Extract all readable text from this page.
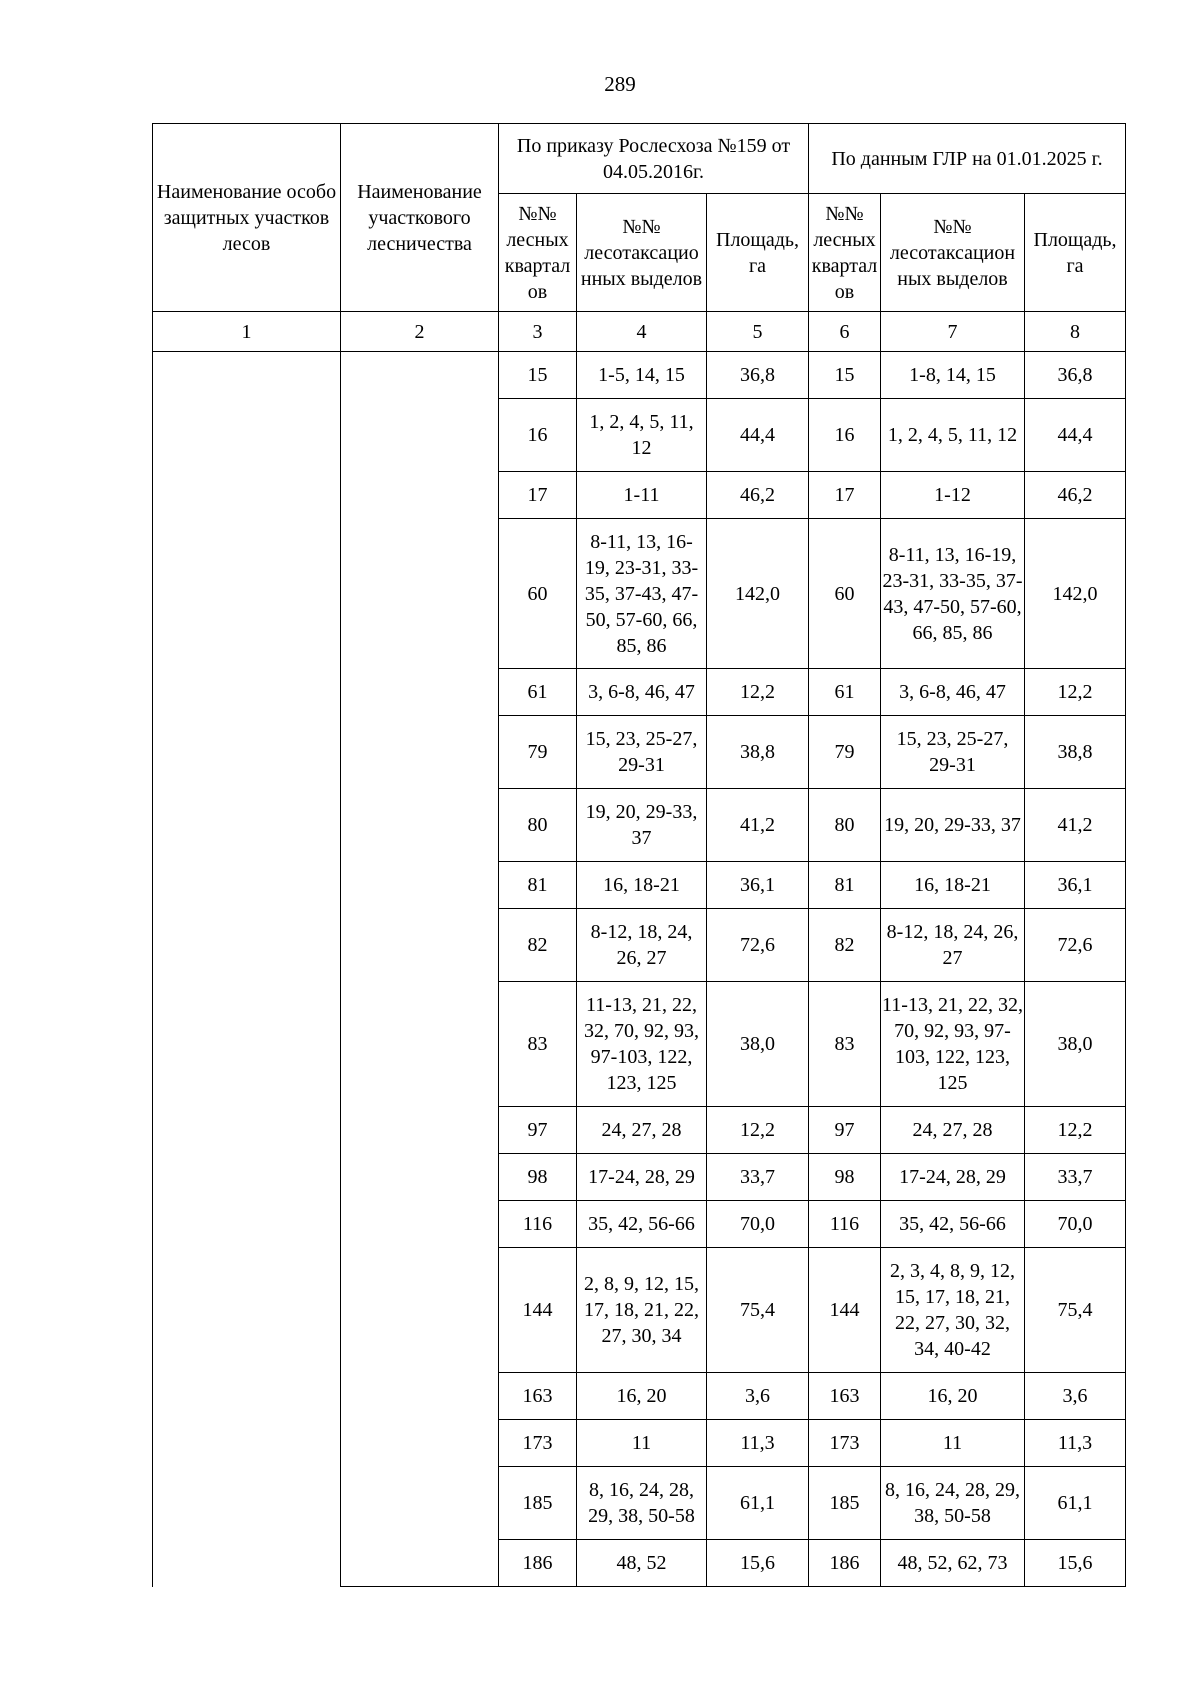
289
Наименование особо защитных участков лесов	Наименование участкового лесничества	По приказу Рослесхоза №159 от 04.05.2016г.			По данным ГЛР на 01.01.2025 г.		
		№№ лесных квартал ов	№№ лесотаксацио нных выделов	Площадь, га	№№ лесных квартал ов	№№ лесотаксацион ных выделов	Площадь, га
1	2	3	4	5	6	7	8
		15	1-5, 14, 15	36,8	15	1-8, 14, 15	36,8
		16	1, 2, 4, 5, 11, 12	44,4	16	1, 2, 4, 5, 11, 12	44,4
		17	1-11	46,2	17	1-12	46,2
		60	8-11, 13, 16-19, 23-31, 33-35, 37-43, 47-50, 57-60, 66, 85, 86	142,0	60	8-11, 13, 16-19, 23-31, 33-35, 37-43, 47-50, 57-60, 66, 85, 86	142,0
		61	3, 6-8, 46, 47	12,2	61	3, 6-8, 46, 47	12,2
		79	15, 23, 25-27, 29-31	38,8	79	15, 23, 25-27, 29-31	38,8
		80	19, 20, 29-33, 37	41,2	80	19, 20, 29-33, 37	41,2
		81	16, 18-21	36,1	81	16, 18-21	36,1
		82	8-12, 18, 24, 26, 27	72,6	82	8-12, 18, 24, 26, 27	72,6
		83	11-13, 21, 22, 32, 70, 92, 93, 97-103, 122, 123, 125	38,0	83	11-13, 21, 22, 32, 70, 92, 93, 97-103, 122, 123, 125	38,0
		97	24, 27, 28	12,2	97	24, 27, 28	12,2
		98	17-24, 28, 29	33,7	98	17-24, 28, 29	33,7
		116	35, 42, 56-66	70,0	116	35, 42, 56-66	70,0
		144	2, 8, 9, 12, 15, 17, 18, 21, 22, 27, 30, 34	75,4	144	2, 3, 4, 8, 9, 12, 15, 17, 18, 21, 22, 27, 30, 32, 34, 40-42	75,4
		163	16, 20	3,6	163	16, 20	3,6
		173	11	11,3	173	11	11,3
		185	8, 16, 24, 28, 29, 38, 50-58	61,1	185	8, 16, 24, 28, 29, 38, 50-58	61,1
		186	48, 52	15,6	186	48, 52, 62, 73	15,6
